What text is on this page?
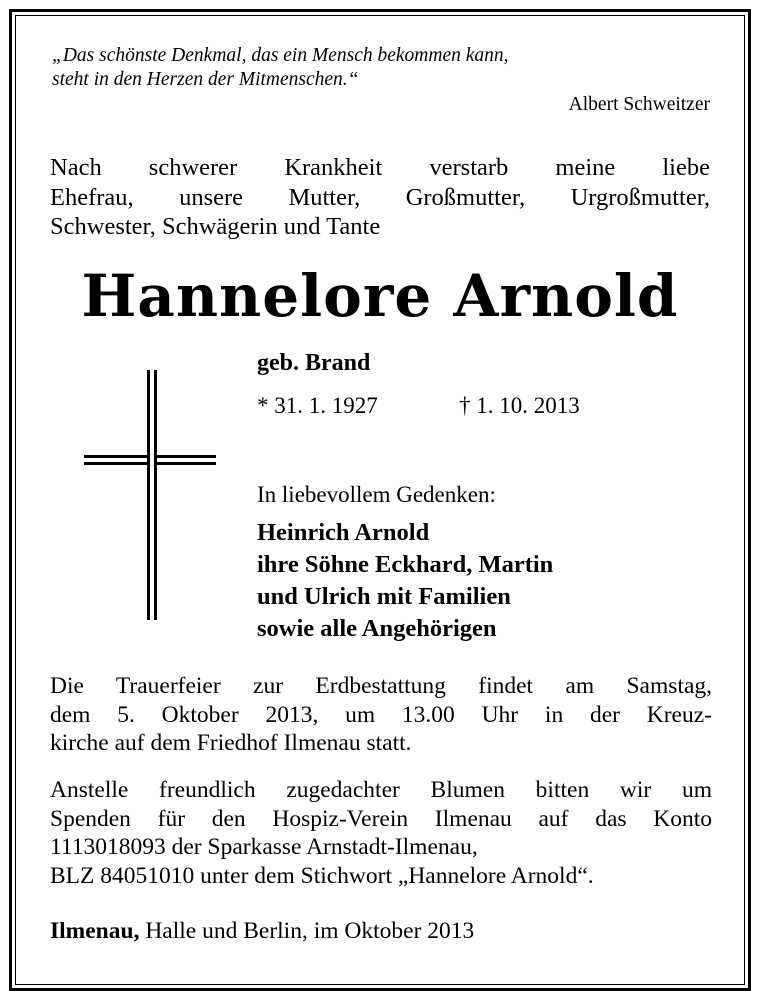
„Das schönste Denkmal, das ein Mensch bekommen kann,
steht in den Herzen der Mitmenschen.“
Albert Schweitzer
Nach schwerer Krankheit verstarb meine liebe
Ehefrau, unsere Mutter, Großmutter, Urgroßmutter,
Schwester, Schwägerin und Tante
Hannelore Arnold
geb. Brand
* 31. 1. 1927	† 1. 10. 2013
In liebevollem Gedenken:
Heinrich Arnold
ihre Söhne Eckhard, Martin
und Ulrich mit Familien
sowie alle Angehörigen
Die Trauerfeier zur Erdbestattung findet am Samstag,
dem 5. Oktober 2013, um 13.00 Uhr in der Kreuz-
kirche auf dem Friedhof Ilmenau statt.
Anstelle freundlich zugedachter Blumen bitten wir um
Spenden für den Hospiz-Verein Ilmenau auf das Konto
1113018093 der Sparkasse Arnstadt-Ilmenau,
BLZ 84051010 unter dem Stichwort „Hannelore Arnold“.
Ilmenau, Halle und Berlin, im Oktober 2013
